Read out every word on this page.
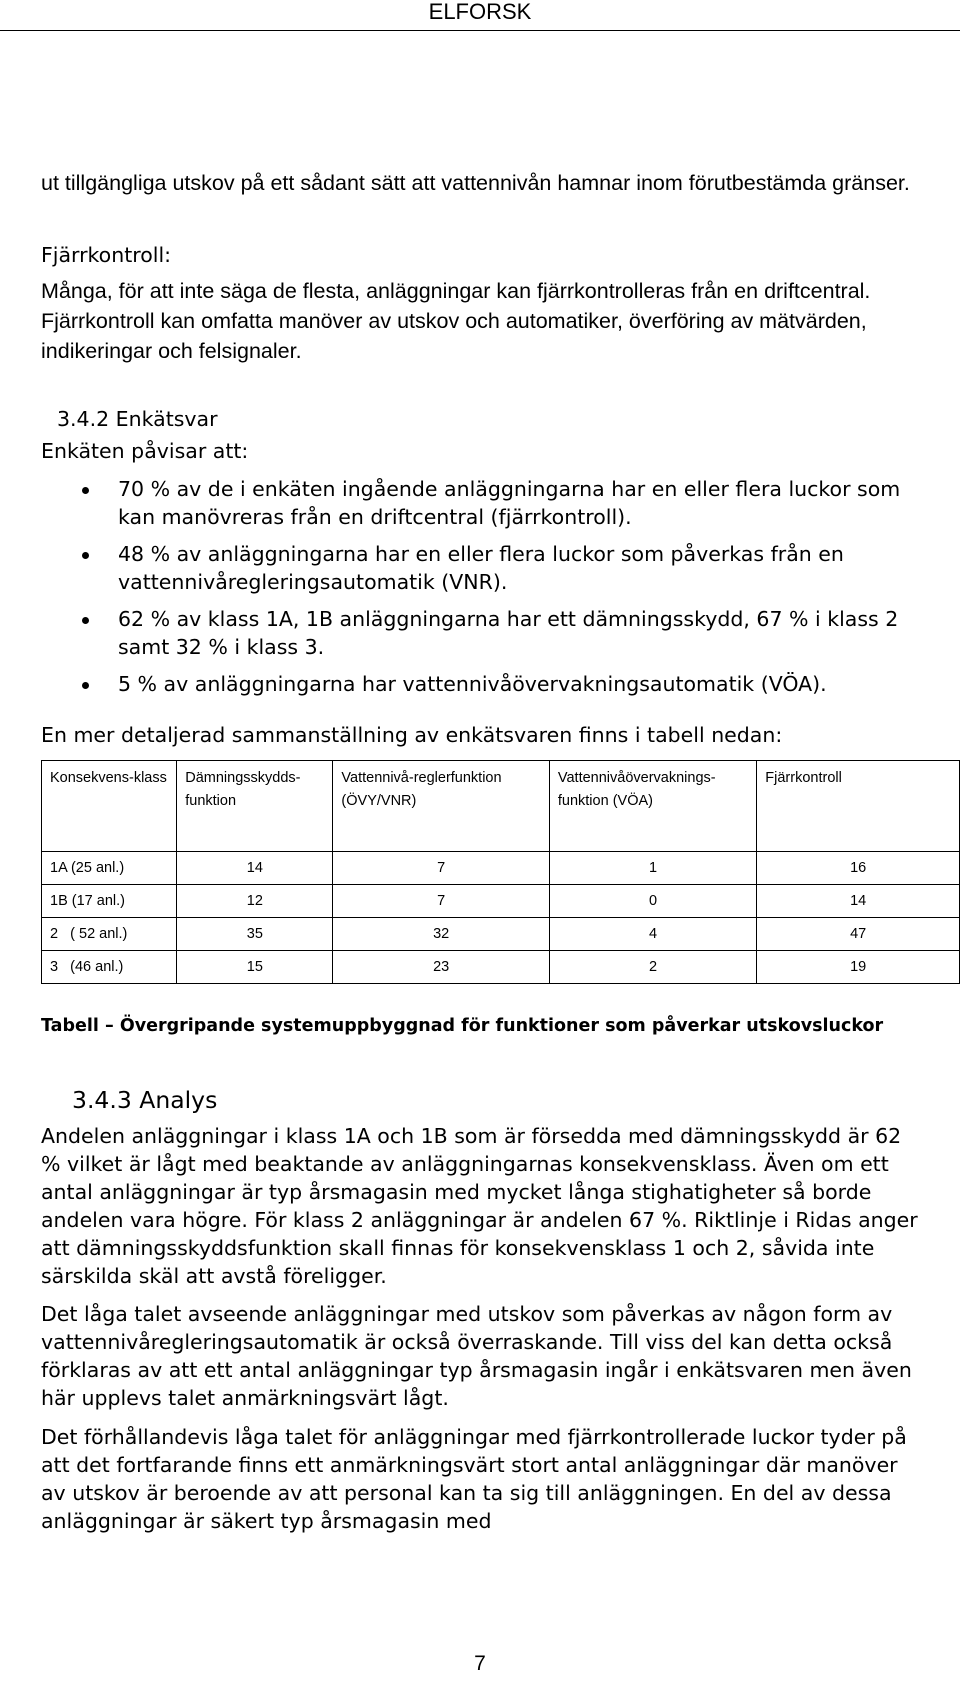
ELFORSK

ut tillgängliga utskov på ett sådant sätt att vattennivån hamnar inom förutbestämda gränser.

Fjärrkontroll:

Många, för att inte säga de flesta, anläggningar kan fjärrkontrolleras från en driftcentral. Fjärrkontroll kan omfatta manöver av utskov och automatiker, överföring av mätvärden, indikeringar och felsignaler.

3.4.2 Enkätsvar

Enkäten påvisar att:

70 % av de i enkäten ingående anläggningarna har en eller flera luckor som kan manövreras från en driftcentral (fjärrkontroll).
48 % av anläggningarna har en eller flera luckor som påverkas från en vattennivåregleringsautomatik (VNR).
62 % av klass 1A, 1B anläggningarna har ett dämningsskydd, 67 % i klass 2 samt 32 % i klass 3.
5 % av anläggningarna har vattennivåövervakningsautomatik (VÖA).

En mer detaljerad sammanställning av enkätsvaren finns i tabell nedan:

Konsekvens-klass	Dämningsskydds-funktion	Vattennivå-reglerfunktion (ÖVY/VNR)	Vattennivåövervaknings-funktion (VÖA)	Fjärrkontroll
1A (25 anl.)	14	7	1	16
1B (17 anl.)	12	7	0	14
2   ( 52 anl.)	35	32	4	47
3   (46 anl.)	15	23	2	19
Tabell – Övergripande systemuppbyggnad för funktioner som påverkar utskovsluckor
3.4.3 Analys

Andelen anläggningar i klass 1A och 1B som är försedda med dämningsskydd är 62 % vilket är lågt med beaktande av anläggningarnas konsekvensklass. Även om ett antal anläggningar är typ årsmagasin med mycket långa stighatigheter så borde andelen vara högre. För klass 2 anläggningar är andelen 67 %. Riktlinje i Ridas anger att dämningsskyddsfunktion skall finnas för konsekvensklass 1 och 2, såvida inte särskilda skäl att avstå föreligger.

Det låga talet avseende anläggningar med utskov som påverkas av någon form av vattennivåregleringsautomatik är också överraskande. Till viss del kan detta också förklaras av att ett antal anläggningar typ årsmagasin ingår i enkätsvaren men även här upplevs talet anmärkningsvärt lågt.

Det förhållandevis låga talet för anläggningar med fjärrkontrollerade luckor tyder på att det fortfarande finns ett anmärkningsvärt stort antal anläggningar där manöver av utskov är beroende av att personal kan ta sig till anläggningen. En del av dessa anläggningar är säkert typ årsmagasin med

7
